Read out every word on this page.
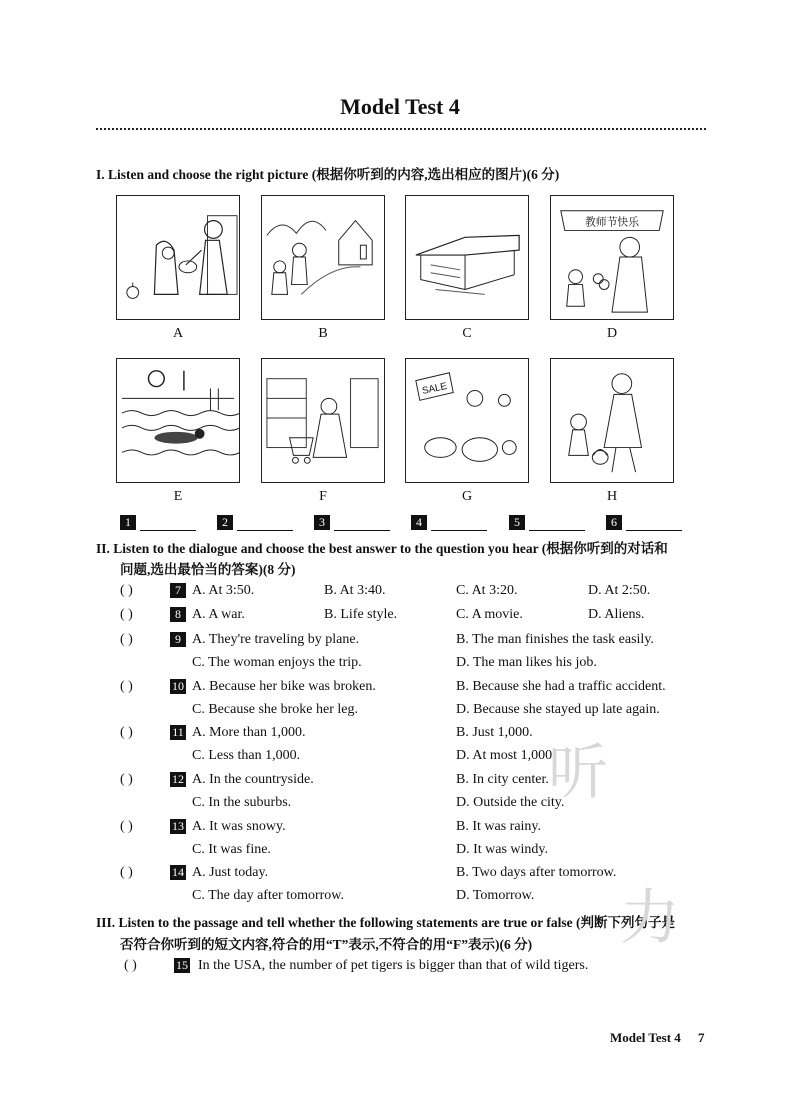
Model Test 4
I. Listen and choose the right picture (根据你听到的内容,选出相应的图片)(6 分)
教师节快乐
A	B	C	D
SALE
E	F	G	H
1	2	3	4	5	6
II. Listen to the dialogue and choose the best answer to the question you hear (根据你听到的对话和
问题,选出最恰当的答案)(8 分)
( )	7 A. At 3:50.	B. At 3:40.	C. At 3:20.	D. At 2:50.
( )	8 A. A war.	B. Life style.	C. A movie.	D. Aliens.
( )	9 A. They're traveling by plane.	B. The man finishes the task easily.
C. The woman enjoys the trip.	D. The man likes his job.
( )	10 A. Because her bike was broken.	B. Because she had a traffic accident.
C. Because she broke her leg.	D. Because she stayed up late again.
( )	11 A. More than 1,000.	B. Just 1,000.
C. Less than 1,000.	D. At most 1,000.
( )	12 A. In the countryside.	B. In city center.
C. In the suburbs.	D. Outside the city.
( )	13 A. It was snowy.	B. It was rainy.
C. It was fine.	D. It was windy.
( )	14 A. Just today.	B. Two days after tomorrow.
C. The day after tomorrow.	D. Tomorrow.
III. Listen to the passage and tell whether the following statements are true or false (判断下列句子是
否符合你听到的短文内容,符合的用“T”表示,不符合的用“F”表示)(6 分)
( )	15 In the USA, the number of pet tigers is bigger than that of wild tigers.
听
力
Model Test 4 7
